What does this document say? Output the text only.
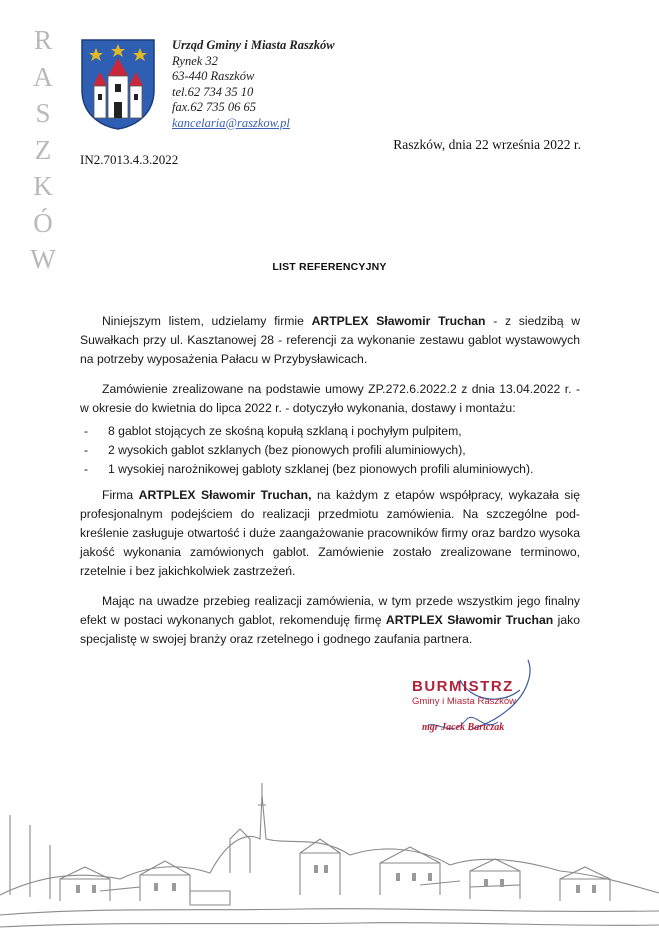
R
A
S
Z
K
Ó
W
Urząd Gminy i Miasta Raszków
Rynek 32
63-440 Raszków
tel.62 734 35 10
fax.62 735 06 65
kancelaria@raszkow.pl
Raszków, dnia 22 września 2022 r.
IN2.7013.4.3.2022
LIST REFERENCYJNY

Niniejszym listem, udzielamy firmie ARTPLEX Sławomir Truchan - z siedzibą w Suwałkach przy ul. Kasztanowej 28 - referencji za wykonanie zestawu gablot wystawowych na potrzeby wyposażenia Pałacu w Przybysławicach.

Zamówienie zrealizowane na podstawie umowy ZP.272.6.2022.2 z dnia 13.04.2022 r. - w okresie do kwietnia do lipca 2022 r. - dotyczyło wykonania, dostawy i montażu:

- 8 gablot stojących ze skośną kopułą szklaną i pochyłym pulpitem,
- 2 wysokich gablot szklanych (bez pionowych profili aluminiowych),
- 1 wysokiej narożnikowej gabloty szklanej (bez pionowych profili aluminiowych).

Firma ARTPLEX Sławomir Truchan, na każdym z etapów współpracy, wykazała się profesjonalnym podejściem do realizacji przedmiotu zamówienia. Na szczególne pod-kreślenie zasługuje otwartość i duże zaangażowanie pracowników firmy oraz bardzo wysoka jakość wykonania zamówionych gablot. Zamówienie zostało zrealizowane terminowo, rzetelnie i bez jakichkolwiek zastrzeżeń.

Mając na uwadze przebieg realizacji zamówienia, w tym przede wszystkim jego finalny efekt w postaci wykonanych gablot, rekomenduję firmę ARTPLEX Sławomir Truchan jako specjalistę w swojej branży oraz rzetelnego i godnego zaufania partnera.

BURMISTRZ
Gminy i Miasta Raszków
mgr Jacek Bartczak
